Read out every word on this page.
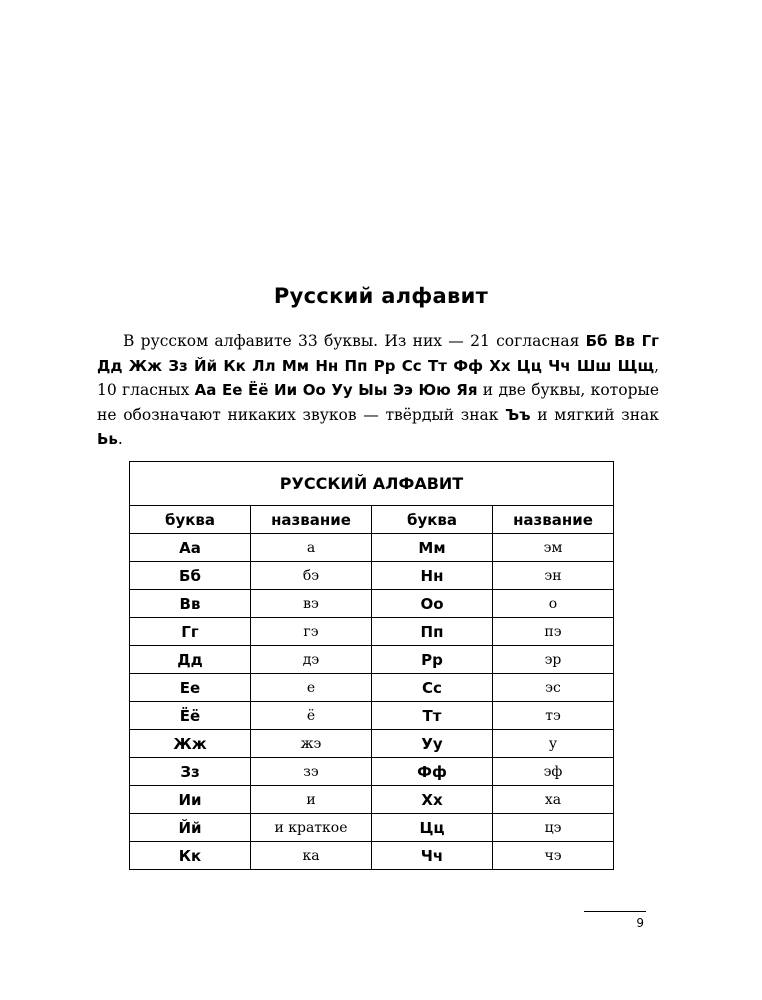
Русский алфавит

В русском алфавите 33 буквы. Из них — 21 согласная Бб Вв Гг Дд Жж Зз Йй Кк Лл Мм Нн Пп Рр Сс Тт Фф Хх Цц Чч Шш Щщ, 10 гласных Аа Ее Ёё Ии Оо Уу Ыы Ээ Юю Яя и две буквы, которые не обозначают никаких звуков — твёрдый знак Ъъ и мягкий знак Ьь.

РУССКИЙ АЛФАВИТ			
буква	название	буква	название
Аа	а	Мм	эм
Бб	бэ	Нн	эн
Вв	вэ	Оо	о
Гг	гэ	Пп	пэ
Дд	дэ	Рр	эр
Ее	е	Сс	эс
Ёё	ё	Тт	тэ
Жж	жэ	Уу	у
Зз	зэ	Фф	эф
Ии	и	Хх	ха
Йй	и краткое	Цц	цэ
Кк	ка	Чч	чэ
9
